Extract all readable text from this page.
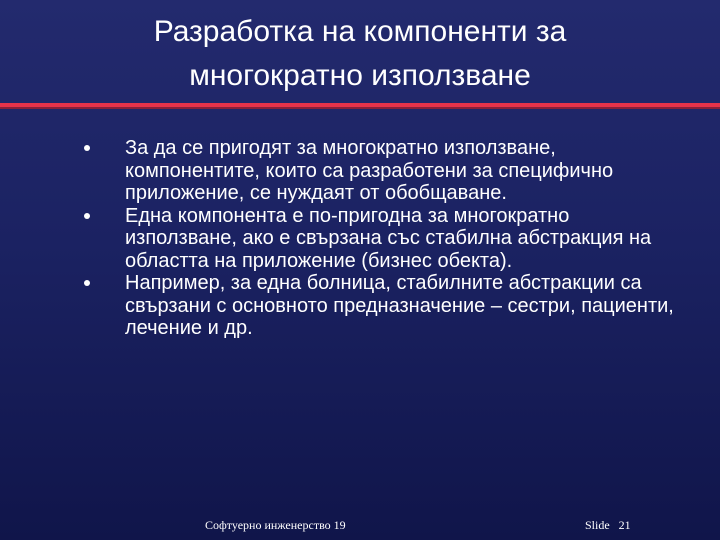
Разработка на компоненти за
многократно използване
За да се пригодят за многократно използване, компонентите, които са разработени за специфично приложение, се нуждаят от обобщаване.
Една компонента е по-пригодна за многократно използване, ако е свързана със стабилна абстракция на областта на приложение (бизнес обекта).
Например, за една болница, стабилните абстракции са свързани с основното предназначение – сестри, пациенти, лечение и др.
Софтуерно инженерство 19	Slide 21
